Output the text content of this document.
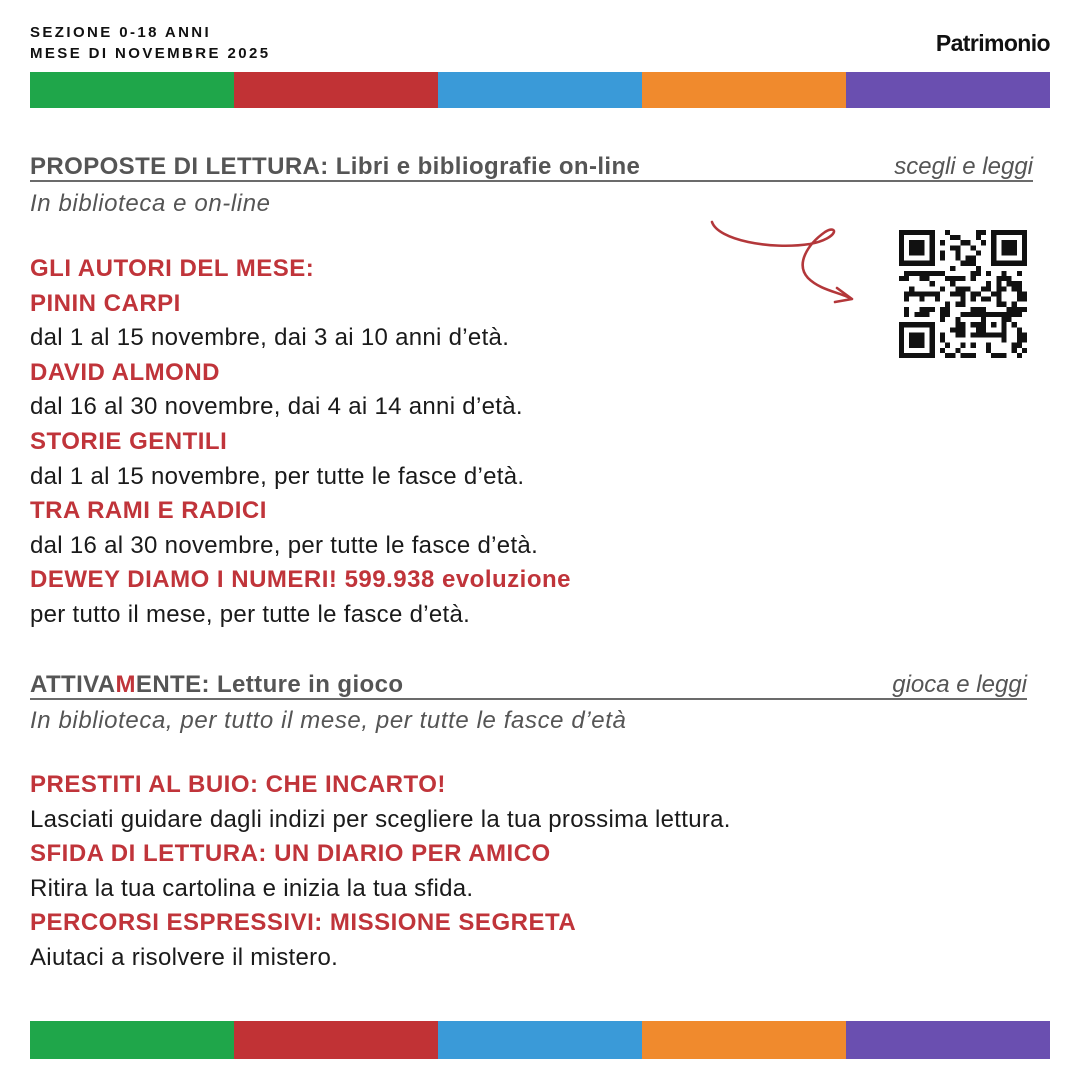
SEZIONE 0-18 ANNI
MESE DI NOVEMBRE 2025	Patrimonio
PROPOSTE DI LETTURA: Libri e bibliografie on-line	scegli e leggi
In biblioteca e on-line
GLI AUTORI DEL MESE:
PININ CARPI
dal 1 al 15 novembre, dai 3 ai 10 anni d’età.
DAVID ALMOND
dal 16 al 30 novembre, dai 4 ai 14 anni d’età.
STORIE GENTILI
dal 1 al 15 novembre, per tutte le fasce d’età.
TRA RAMI E RADICI
dal 16 al 30 novembre, per tutte le fasce d’età.
DEWEY DIAMO I NUMERI! 599.938 evoluzione
per tutto il mese, per tutte le fasce d’età.
ATTIVAMENTE: Letture in gioco	gioca e leggi
In biblioteca, per tutto il mese, per tutte le fasce d’età
PRESTITI AL BUIO: CHE INCARTO!
Lasciati guidare dagli indizi per scegliere la tua prossima lettura.
SFIDA DI LETTURA: UN DIARIO PER AMICO
Ritira la tua cartolina e inizia la tua sfida.
PERCORSI ESPRESSIVI: MISSIONE SEGRETA
Aiutaci a risolvere il mistero.
